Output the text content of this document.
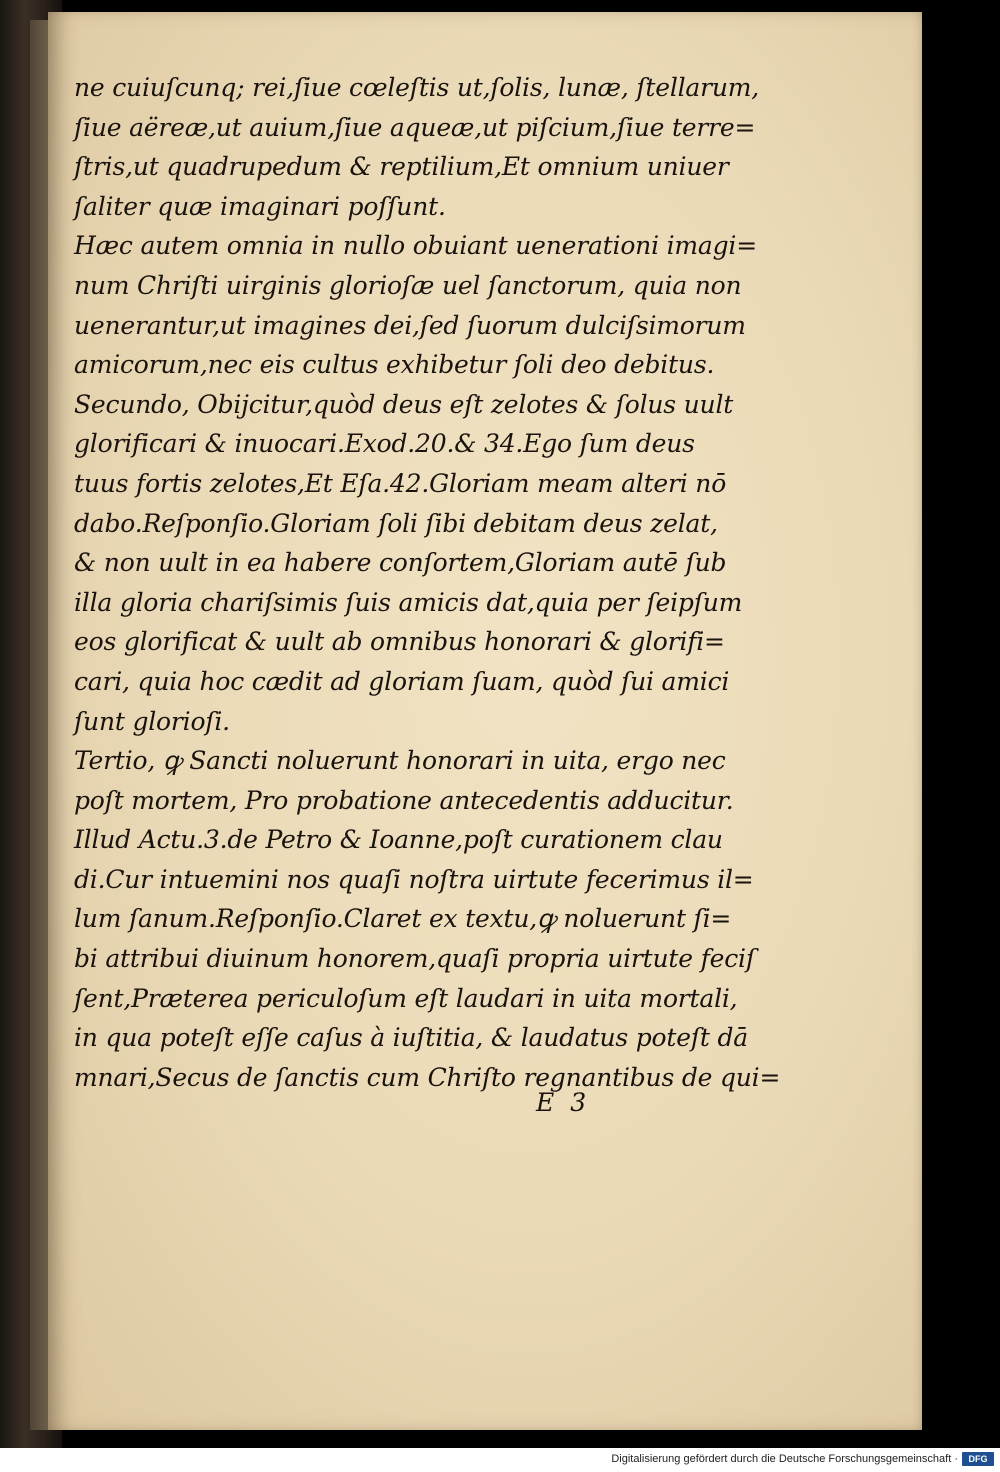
ne cuiuſcunq; rei,ſiue cœleſtis ut,ſolis, lunæ, ſtellarum,
ſiue aëreæ,ut auium,ſiue aqueæ,ut piſcium,ſiue terre=
ſtris,ut quadrupedum & reptilium,Et omnium uniuer
ſaliter quæ imaginari poſſunt.
Hæc autem omnia in nullo obuiant uenerationi imagi=
num Chriſti uirginis glorioſæ uel ſanctorum, quia non
uenerantur,ut imagines dei,ſed ſuorum dulciſsimorum
amicorum,nec eis cultus exhibetur ſoli deo debitus.
Secundo, Obijcitur,quòd deus eſt zelotes & ſolus uult
glorificari & inuocari.Exod.20.& 34.Ego ſum deus
tuus fortis zelotes,Et Eſa.42.Gloriam meam alteri nō
dabo.Reſponſio.Gloriam ſoli ſibi debitam deus zelat,
& non uult in ea habere conſortem,Gloriam autē ſub
illa gloria chariſsimis ſuis amicis dat,quia per ſeipſum
eos glorificat & uult ab omnibus honorari & glorifi=
cari, quia hoc cædit ad gloriam ſuam, quòd ſui amici
ſunt glorioſi.
Tertio, ꝙ Sancti noluerunt honorari in uita, ergo nec
poſt mortem, Pro probatione antecedentis adducitur.
Illud Actu.3.de Petro & Ioanne,poſt curationem clau
di.Cur intuemini nos quaſi noſtra uirtute fecerimus il=
lum ſanum.Reſponſio.Claret ex textu,ꝙ noluerunt ſi=
bi attribui diuinum honorem,quaſi propria uirtute feciſ
ſent,Præterea periculoſum eſt laudari in uita mortali,
in qua poteſt eſſe caſus à iuſtitia, & laudatus poteſt dā
mnari,Secus de ſanctis cum Chriſto regnantibus de qui=
E 3
Digitalisierung gefördert durch die Deutsche Forschungsgemeinschaft ·	DFG
